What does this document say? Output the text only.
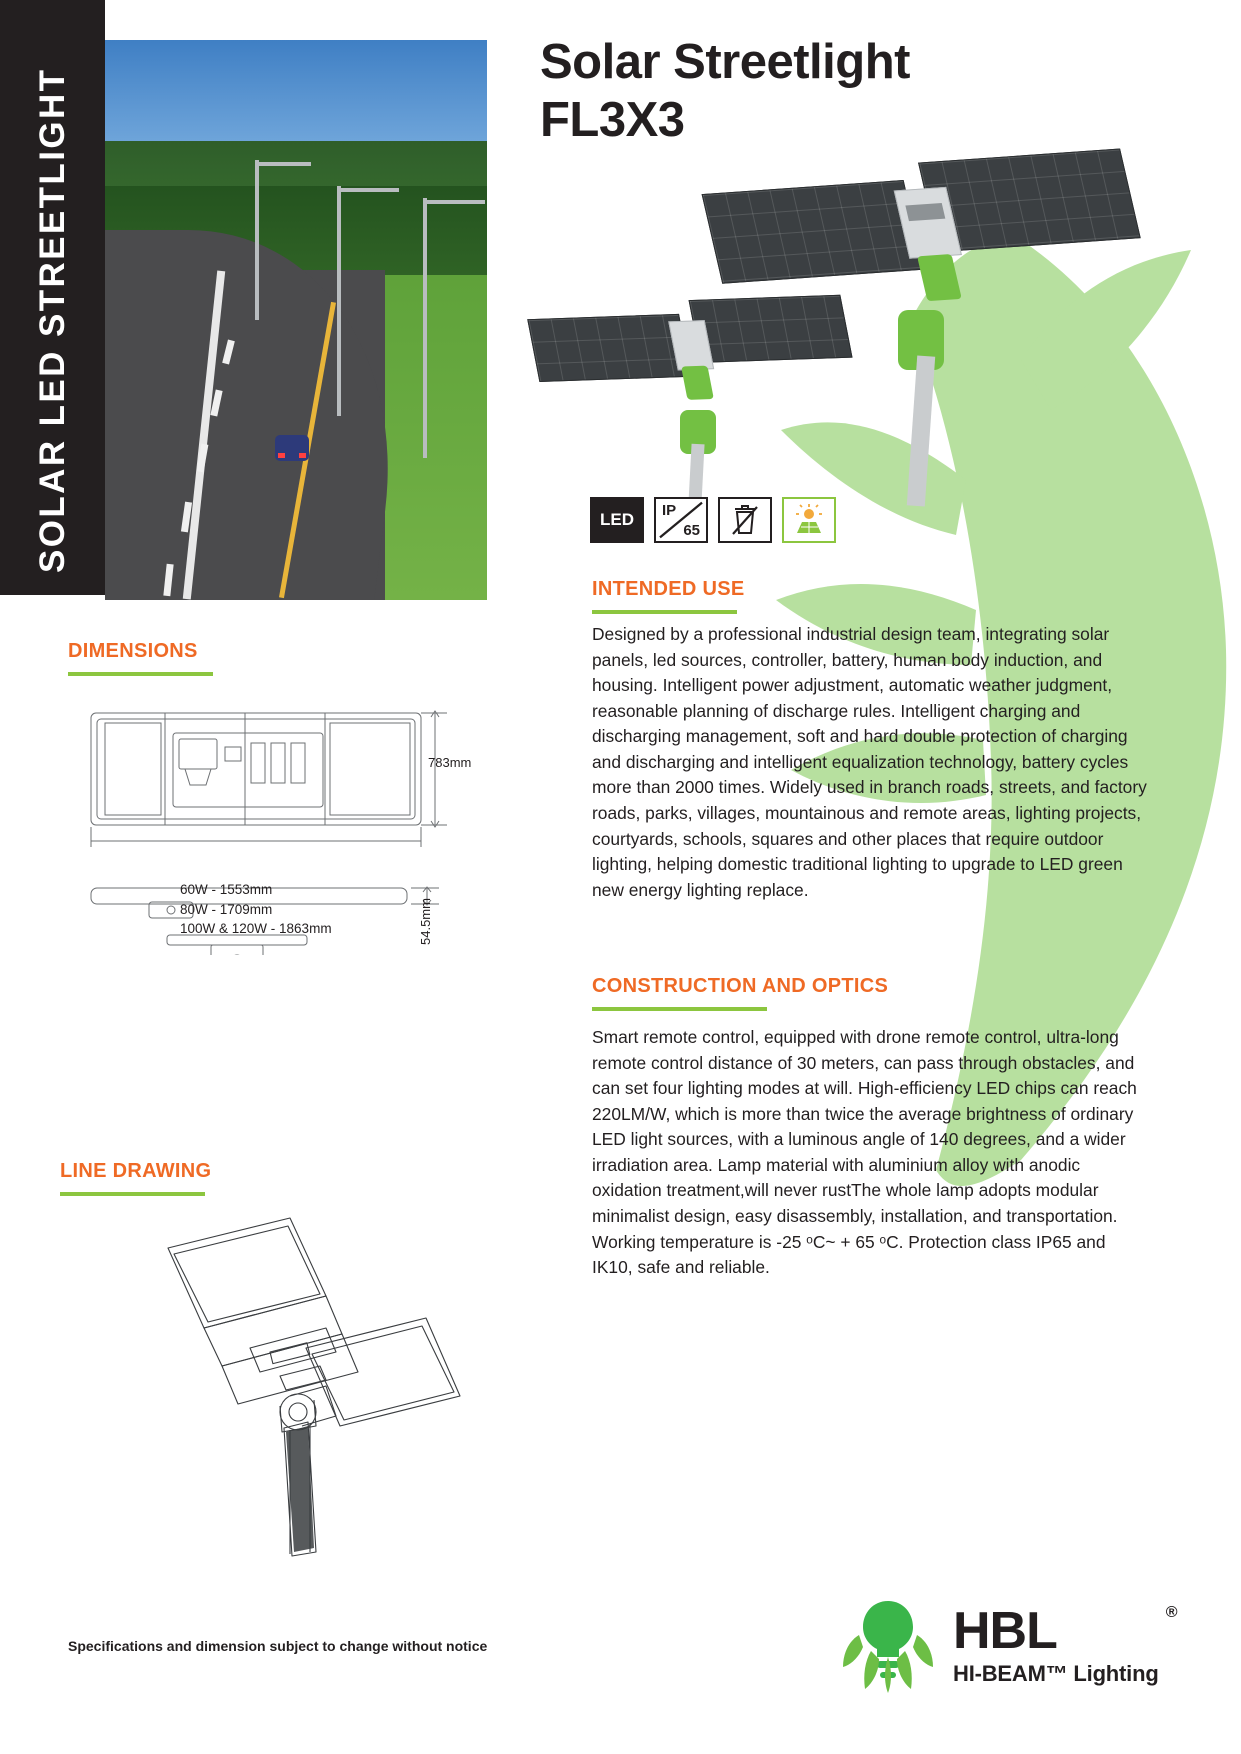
SOLAR LED STREETLIGHT
Solar Streetlight
FL3X3
LED	IP
65
DIMENSIONS
783mm
54.5mm
60W - 1553mm
80W - 1709mm
100W & 120W - 1863mm
LINE DRAWING
INTENDED USE
Designed by a professional industrial design team, integrating solar panels, led sources, controller, battery, human body induction, and housing. Intelligent power adjustment, automatic weather judgment, reasonable planning of discharge rules. Intelligent charging and discharging management, soft and hard double protection of charging and discharging and intelligent equalization technology, battery cycles more than 2000 times. Widely used in branch roads, streets, and factory roads, parks, villages, mountainous and remote areas, lighting projects, courtyards, schools, squares and other places that require outdoor lighting, helping domestic traditional lighting to upgrade to LED green new energy lighting replace.
CONSTRUCTION AND OPTICS
Smart remote control, equipped with drone remote control, ultra-long remote control distance of 30 meters, can pass through obstacles, and can set four lighting modes at will. High-efficiency LED chips can reach 220LM/W, which is more than twice the average brightness of ordinary LED light sources, with a luminous angle of 140 degrees, and a wider irradiation area. Lamp material with aluminium alloy with anodic oxidation treatment,will never rustThe whole lamp adopts modular minimalist design, easy disassembly, installation, and transportation. Working temperature is -25 ᵒC~ + 65 ᵒC. Protection class IP65 and IK10, safe and reliable.
Specifications and dimension subject to change without notice	HBL	®
HI-BEAM™ Lighting
